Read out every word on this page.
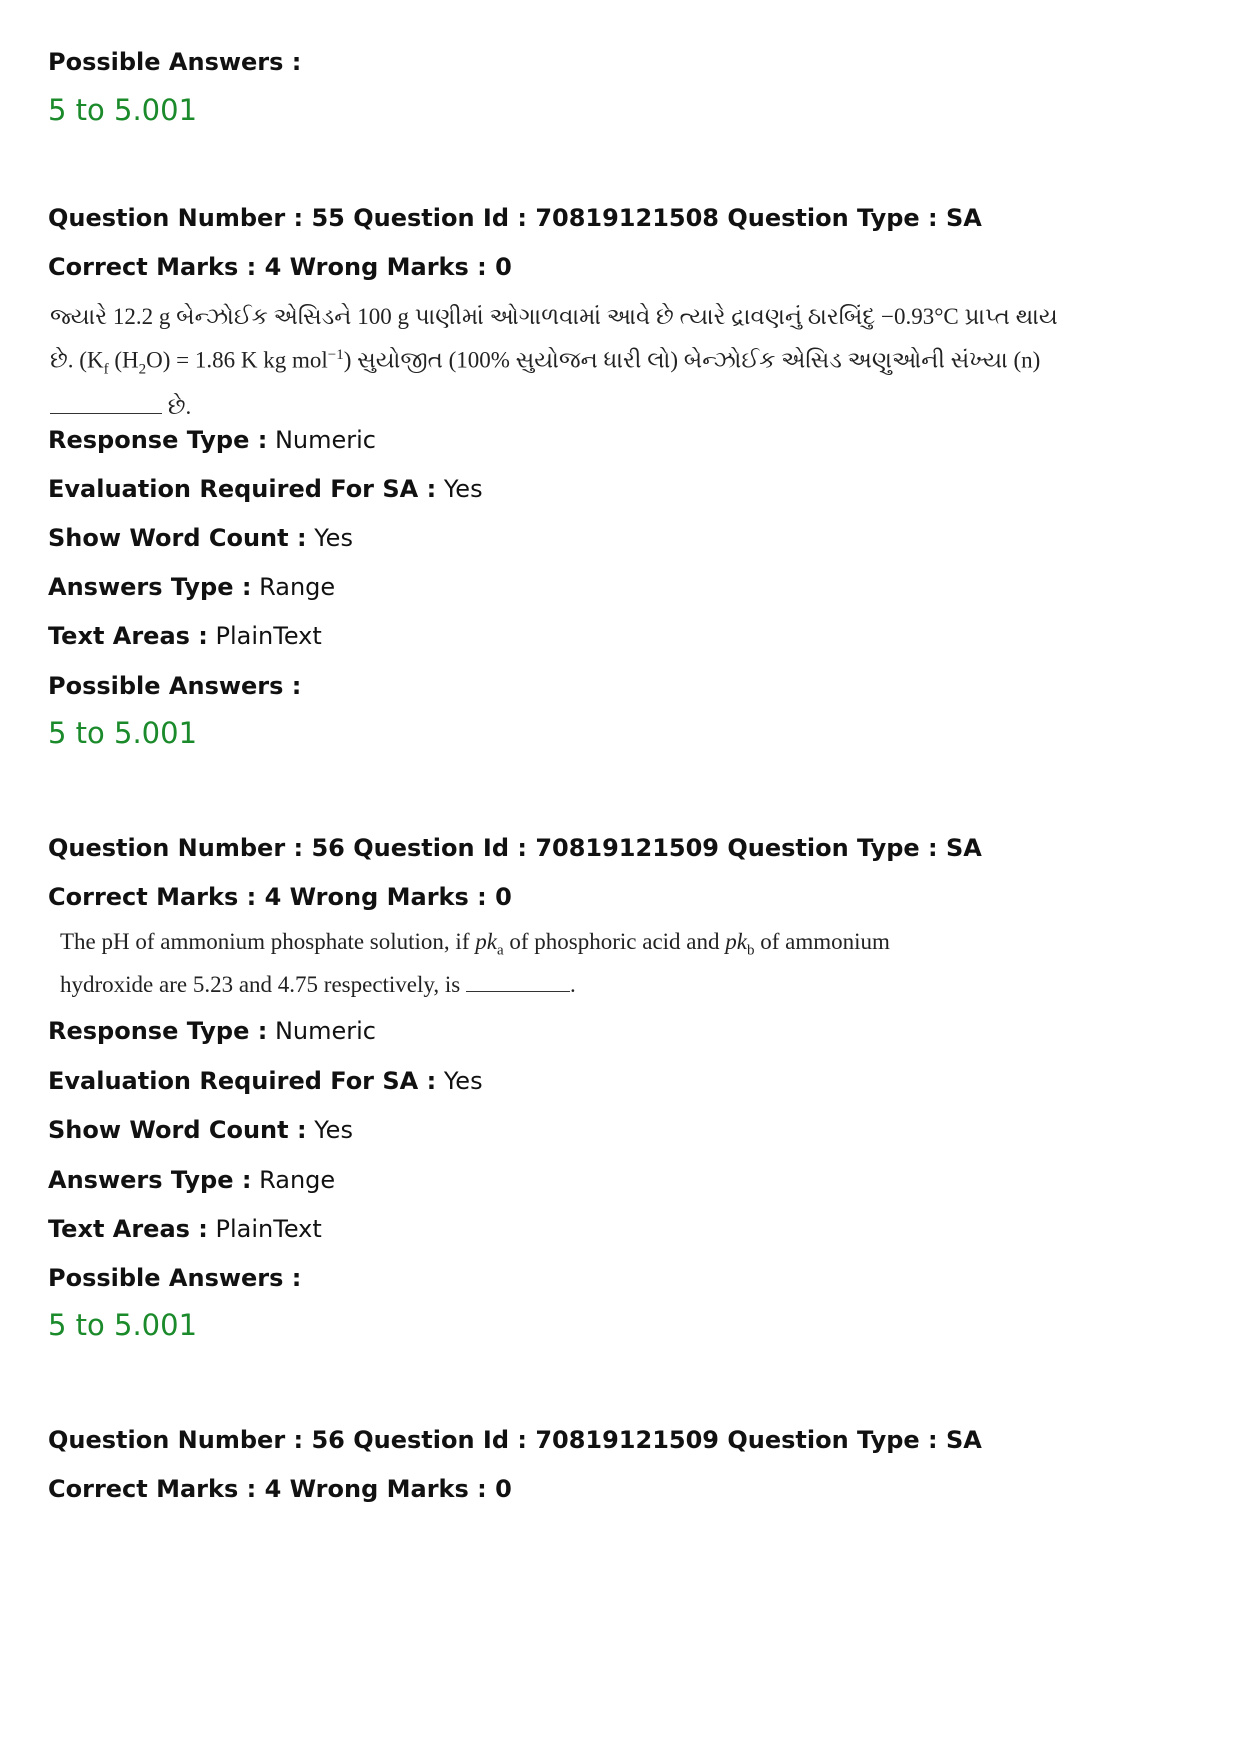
Possible Answers :
5 to 5.001
Question Number : 55 Question Id : 70819121508 Question Type : SA
Correct Marks : 4 Wrong Marks : 0
જ્યારે 12.2 g બેન્ઝોઈક એસિડને 100 g પાણીમાં ઓગાળવામાં આવે છે ત્યારે દ્રાવણનું ઠારબિંદુ −0.93°C પ્રાપ્ત થાય
છે. ($K_f$ $(H_2O) = 1.86$ K kg mol$^{-1}$) સુયોજીત (100% સુયોજન ધારી લો) બેન્ઝોઈક એસિડ અણુઓની સંખ્યા (n)
છે.
Response Type : Numeric
Evaluation Required For SA : Yes
Show Word Count : Yes
Answers Type : Range
Text Areas : PlainText
Possible Answers :
5 to 5.001
Question Number : 56 Question Id : 70819121509 Question Type : SA
Correct Marks : 4 Wrong Marks : 0
The pH of ammonium phosphate solution, if $pk_a$ of phosphoric acid and $pk_b$ of ammonium
hydroxide are 5.23 and 4.75 respectively, is	.
Response Type : Numeric
Evaluation Required For SA : Yes
Show Word Count : Yes
Answers Type : Range
Text Areas : PlainText
Possible Answers :
5 to 5.001
Question Number : 56 Question Id : 70819121509 Question Type : SA
Correct Marks : 4 Wrong Marks : 0
